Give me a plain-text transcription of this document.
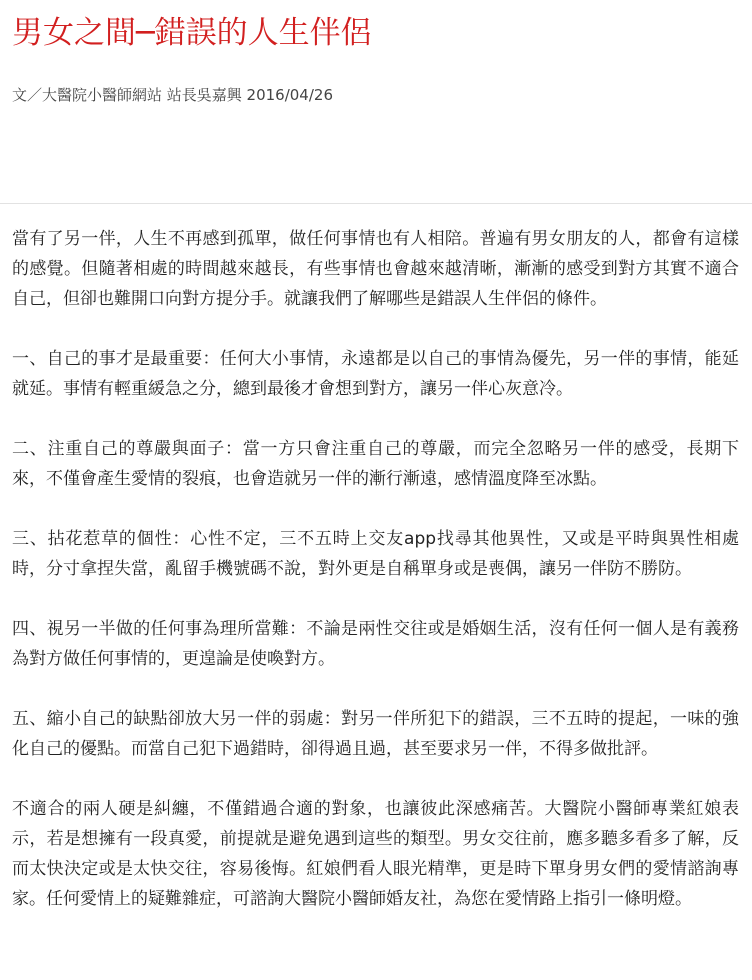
男女之間─錯誤的人生伴侶

文／大醫院小醫師網站 站長吳嘉興 2016/04/26

當有了另一伴，人生不再感到孤單，做任何事情也有人相陪。普遍有男女朋友的人，都會有這樣的感覺。但隨著相處的時間越來越長，有些事情也會越來越清晰，漸漸的感受到對方其實不適合自己，但卻也難開口向對方提分手。就讓我們了解哪些是錯誤人生伴侶的條件。

一、自己的事才是最重要：任何大小事情，永遠都是以自己的事情為優先，另一伴的事情，能延就延。事情有輕重緩急之分，總到最後才會想到對方，讓另一伴心灰意冷。

二、注重自己的尊嚴與面子：當一方只會注重自己的尊嚴，而完全忽略另一伴的感受，長期下來，不僅會產生愛情的裂痕，也會造就另一伴的漸行漸遠，感情溫度降至冰點。

三、拈花惹草的個性：心性不定，三不五時上交友app找尋其他異性，又或是平時與異性相處時，分寸拿捏失當，亂留手機號碼不說，對外更是自稱單身或是喪偶，讓另一伴防不勝防。

四、視另一半做的任何事為理所當難：不論是兩性交往或是婚姻生活，沒有任何一個人是有義務為對方做任何事情的，更遑論是使喚對方。

五、縮小自己的缺點卻放大另一伴的弱處：對另一伴所犯下的錯誤，三不五時的提起，一味的強化自己的優點。而當自己犯下過錯時，卻得過且過，甚至要求另一伴，不得多做批評。

不適合的兩人硬是糾纏，不僅錯過合適的對象，也讓彼此深感痛苦。大醫院小醫師專業紅娘表示，若是想擁有一段真愛，前提就是避免遇到這些的類型。男女交往前，應多聽多看多了解，反而太快決定或是太快交往，容易後悔。紅娘們看人眼光精準，更是時下單身男女們的愛情諮詢專家。任何愛情上的疑難雜症，可諮詢大醫院小醫師婚友社，為您在愛情路上指引一條明燈。
